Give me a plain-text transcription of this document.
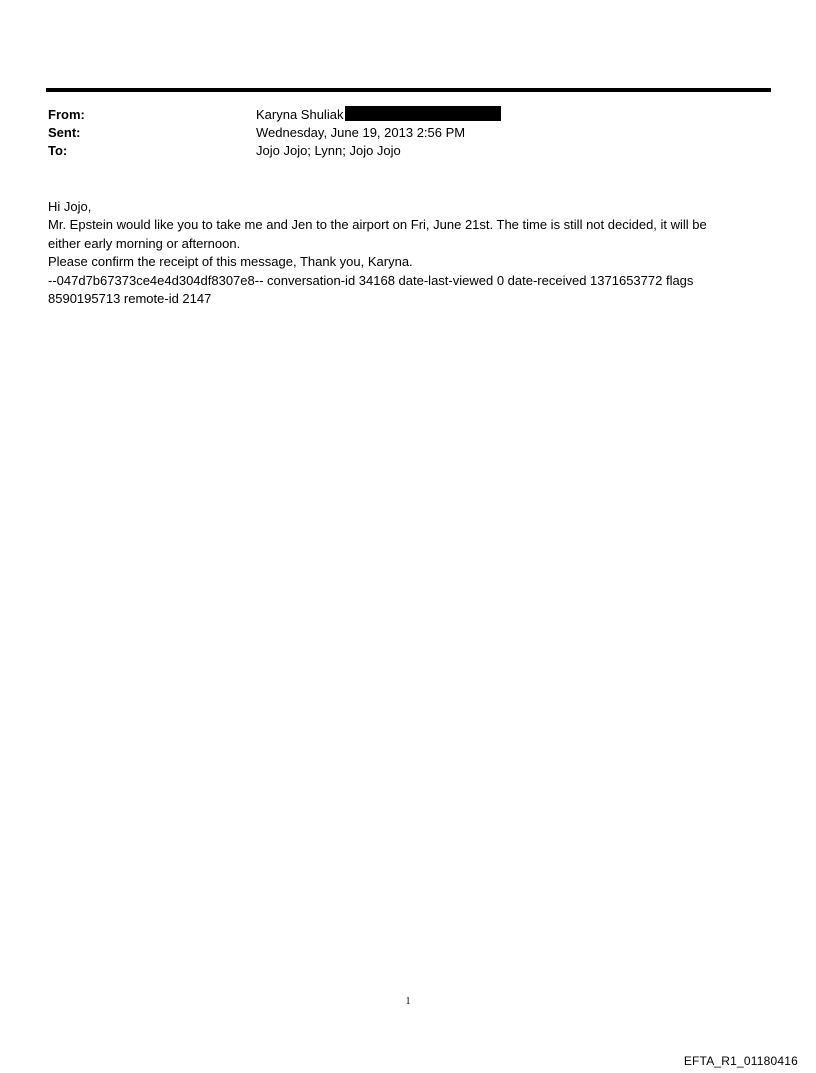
From:	Karyna Shuliak
Sent:	Wednesday, June 19, 2013 2:56 PM
To:	Jojo Jojo; Lynn; Jojo Jojo
Hi Jojo,
Mr. Epstein would like you to take me and Jen to the airport on Fri, June 21st. The time is still not decided, it will be
either early morning or afternoon.
Please confirm the receipt of this message, Thank you, Karyna.
--047d7b67373ce4e4d304df8307e8-- conversation-id 34168 date-last-viewed 0 date-received 1371653772 flags
8590195713 remote-id 2147
1
EFTA_R1_01180416
